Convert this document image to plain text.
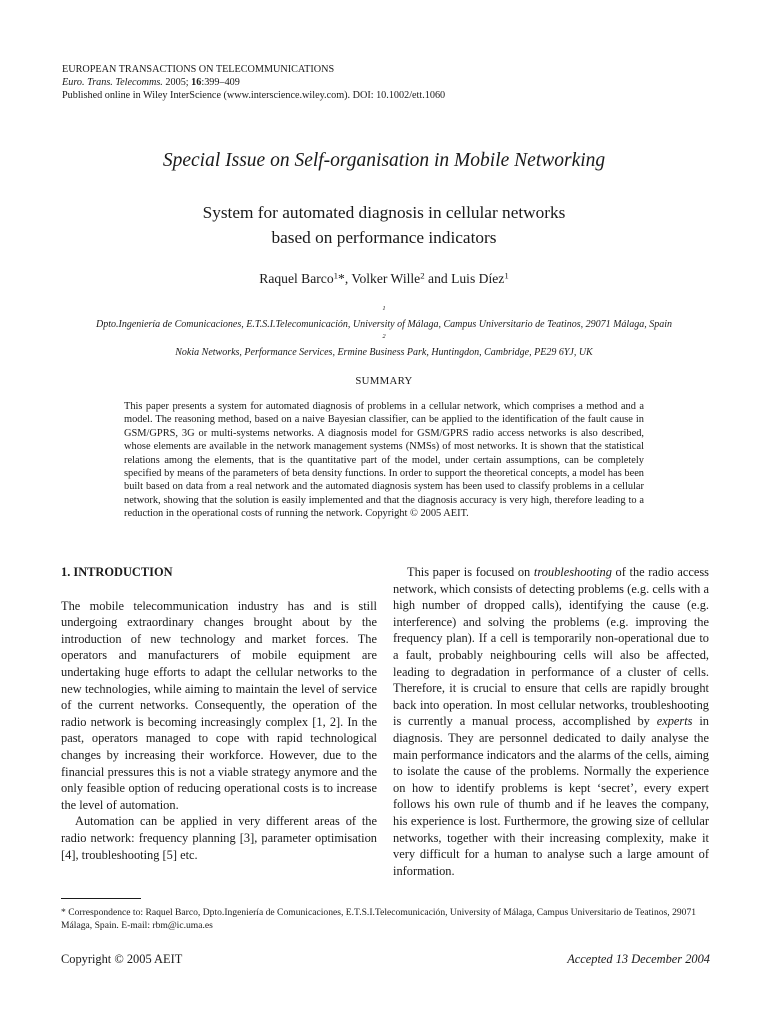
EUROPEAN TRANSACTIONS ON TELECOMMUNICATIONS
Euro. Trans. Telecomms. 2005; 16:399–409
Published online in Wiley InterScience (www.interscience.wiley.com). DOI: 10.1002/ett.1060
Special Issue on Self-organisation in Mobile Networking
System for automated diagnosis in cellular networks
based on performance indicators
Raquel Barco$^1$*, Volker Wille$^2$ and Luis Díez$^1$
$^1$
Dpto.Ingeniería de Comunicaciones, E.T.S.I.Telecomunicación, University of Málaga, Campus Universitario de Teatinos, 29071 Málaga, Spain
$^2$
Nokia Networks, Performance Services, Ermine Business Park, Huntingdon, Cambridge, PE29 6YJ, UK
SUMMARY
This paper presents a system for automated diagnosis of problems in a cellular network, which comprises a method and a model. The reasoning method, based on a naive Bayesian classifier, can be applied to the identification of the fault cause in GSM/GPRS, 3G or multi-systems networks. A diagnosis model for GSM/GPRS radio access networks is also described, whose elements are available in the network management systems (NMSs) of most networks. It is shown that the statistical relations among the elements, that is the quantitative part of the model, under certain assumptions, can be completely specified by means of the parameters of beta density functions. In order to support the theoretical concepts, a model has been built based on data from a real network and the automated diagnosis system has been used to classify problems in a cellular network, showing that the solution is easily implemented and that the diagnosis accuracy is very high, therefore leading to a reduction in the operational costs of running the network. Copyright © 2005 AEIT.
1. INTRODUCTION

The mobile telecommunication industry has and is still undergoing extraordinary changes brought about by the introduction of new technology and market forces. The operators and manufacturers of mobile equipment are undertaking huge efforts to adapt the cellular networks to the new technologies, while aiming to maintain the level of service of the current networks. Consequently, the operation of the radio network is becoming increasingly complex [1, 2]. In the past, operators managed to cope with rapid technological changes by increasing their workforce. However, due to the financial pressures this is not a viable strategy anymore and the only feasible option of reducing operational costs is to increase the level of automation.

Automation can be applied in very different areas of the radio network: frequency planning [3], parameter optimisation [4], troubleshooting [5] etc.

This paper is focused on troubleshooting of the radio access network, which consists of detecting problems (e.g. cells with a high number of dropped calls), identifying the cause (e.g. interference) and solving the problems (e.g. improving the frequency plan). If a cell is temporarily non-operational due to a fault, probably neighbouring cells will also be affected, leading to degradation in performance of a cluster of cells. Therefore, it is crucial to ensure that cells are rapidly brought back into operation. In most cellular networks, troubleshooting is currently a manual process, accomplished by experts in diagnosis. They are personnel dedicated to daily analyse the main performance indicators and the alarms of the cells, aiming to isolate the cause of the problems. Normally the experience on how to identify problems is kept ‘secret’, every expert follows his own rule of thumb and if he leaves the company, his experience is lost. Furthermore, the growing size of cellular networks, together with their increasing complexity, make it very difficult for a human to analyse such a large amount of information.

* Correspondence to: Raquel Barco, Dpto.Ingeniería de Comunicaciones, E.T.S.I.Telecomunicación, University of Málaga, Campus Universitario de Teatinos, 29071 Málaga, Spain. E-mail: rbm@ic.uma.es
Copyright © 2005 AEIT	Accepted 13 December 2004
